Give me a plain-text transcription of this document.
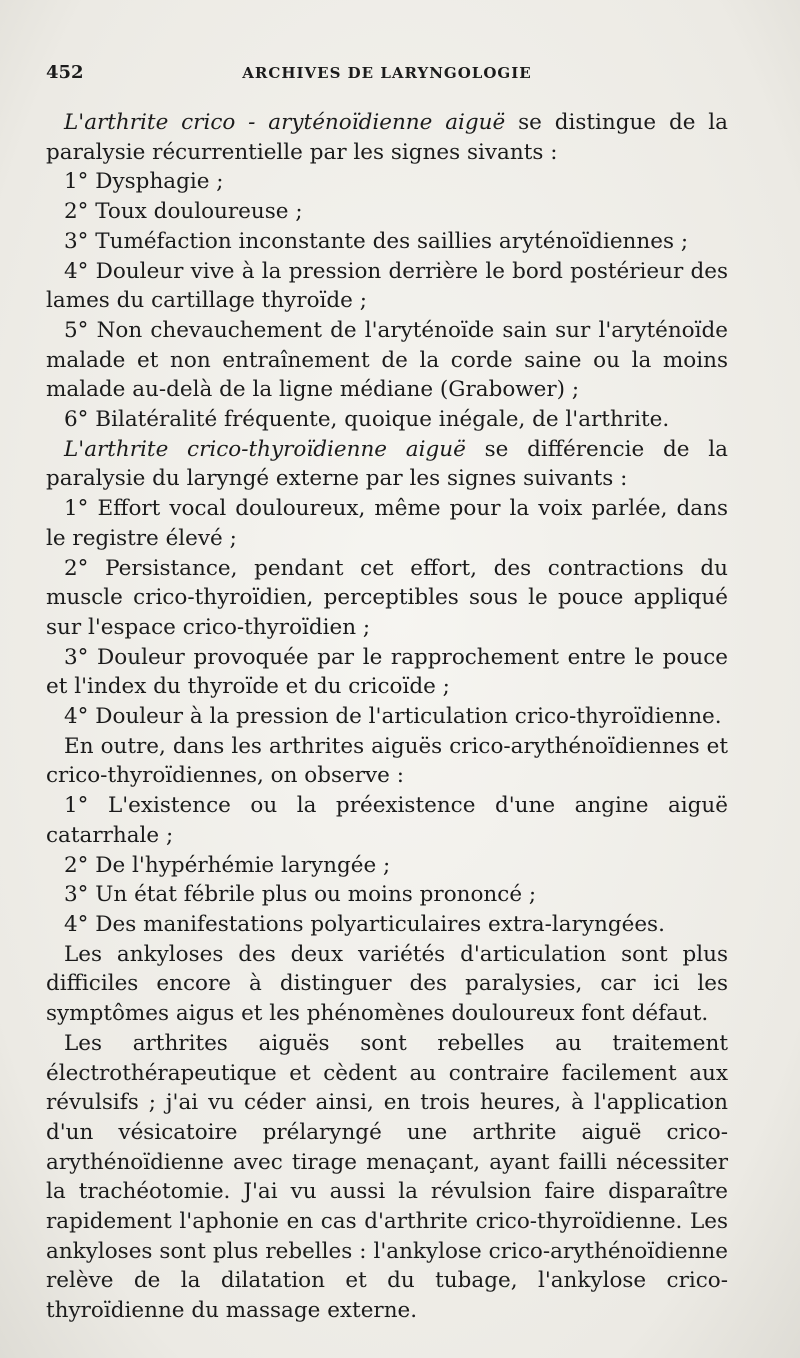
452	ARCHIVES DE LARYNGOLOGIE

L'arthrite crico - aryténoïdienne aiguë se distingue de la paralysie récurrentielle par les signes sivants :

1° Dysphagie ;

2° Toux douloureuse ;

3° Tuméfaction inconstante des saillies aryténoïdiennes ;

4° Douleur vive à la pression derrière le bord postérieur des lames du cartillage thyroïde ;

5° Non chevauchement de l'aryténoïde sain sur l'aryténoïde malade et non entraînement de la corde saine ou la moins malade au-delà de la ligne médiane (Grabower) ;

6° Bilatéralité fréquente, quoique inégale, de l'arthrite.

L'arthrite crico-thyroïdienne aiguë se différencie de la paralysie du laryngé externe par les signes suivants :

1° Effort vocal douloureux, même pour la voix parlée, dans le registre élevé ;

2° Persistance, pendant cet effort, des contractions du muscle crico-thyroïdien, perceptibles sous le pouce appliqué sur l'espace crico-thyroïdien ;

3° Douleur provoquée par le rapprochement entre le pouce et l'index du thyroïde et du cricoïde ;

4° Douleur à la pression de l'articulation crico-thyroïdienne.

En outre, dans les arthrites aiguës crico-arythénoïdiennes et crico-thyroïdiennes, on observe :

1° L'existence ou la préexistence d'une angine aiguë catarrhale ;

2° De l'hypérhémie laryngée ;

3° Un état fébrile plus ou moins prononcé ;

4° Des manifestations polyarticulaires extra-laryngées.

Les ankyloses des deux variétés d'articulation sont plus difficiles encore à distinguer des paralysies, car ici les symptômes aigus et les phénomènes douloureux font défaut.

Les arthrites aiguës sont rebelles au traitement électrothérapeutique et cèdent au contraire facilement aux révulsifs ; j'ai vu céder ainsi, en trois heures, à l'application d'un vésicatoire prélaryngé une arthrite aiguë crico-arythénoïdienne avec tirage menaçant, ayant failli nécessiter la trachéotomie. J'ai vu aussi la révulsion faire disparaître rapidement l'aphonie en cas d'arthrite crico-thyroïdienne. Les ankyloses sont plus rebelles : l'ankylose crico-arythénoïdienne relève de la dilatation et du tubage, l'ankylose crico-thyroïdienne du massage externe.
